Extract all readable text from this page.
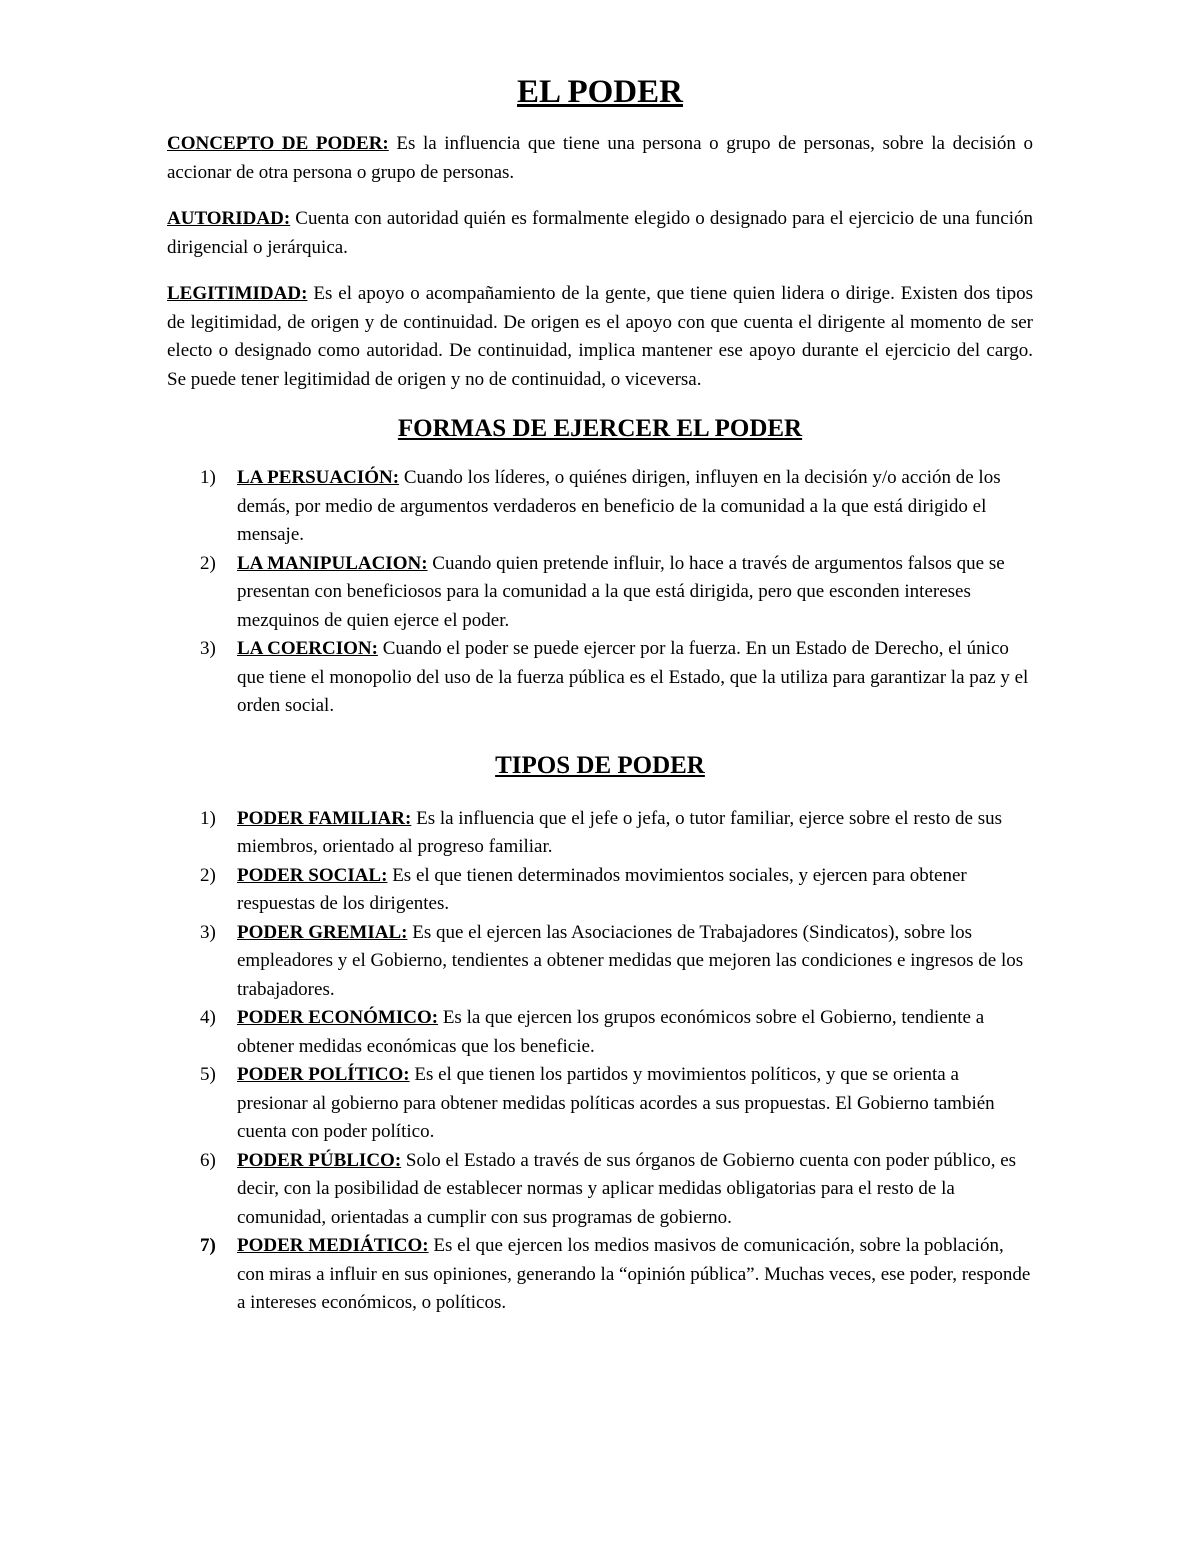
EL PODER

CONCEPTO DE PODER: Es la influencia que tiene una persona o grupo de personas, sobre la decisión o accionar de otra persona o grupo de personas.

AUTORIDAD: Cuenta con autoridad quién es formalmente elegido o designado para el ejercicio de una función dirigencial o jerárquica.

LEGITIMIDAD: Es el apoyo o acompañamiento de la gente, que tiene quien lidera o dirige. Existen dos tipos de legitimidad, de origen y de continuidad. De origen es el apoyo con que cuenta el dirigente al momento de ser electo o designado como autoridad. De continuidad, implica mantener ese apoyo durante el ejercicio del cargo. Se puede tener legitimidad de origen y no de continuidad, o viceversa.

FORMAS DE EJERCER EL PODER
1) LA PERSUACIÓN: Cuando los líderes, o quiénes dirigen, influyen en la decisión y/o acción de los demás, por medio de argumentos verdaderos en beneficio de la comunidad a la que está dirigido el mensaje.
2) LA MANIPULACION: Cuando quien pretende influir, lo hace a través de argumentos falsos que se presentan con beneficiosos para la comunidad a la que está dirigida, pero que esconden intereses mezquinos de quien ejerce el poder.
3) LA COERCION: Cuando el poder se puede ejercer por la fuerza. En un Estado de Derecho, el único que tiene el monopolio del uso de la fuerza pública es el Estado, que la utiliza para garantizar la paz y el orden social.
TIPOS DE PODER
1) PODER FAMILIAR: Es la influencia que el jefe o jefa, o tutor familiar, ejerce sobre el resto de sus miembros, orientado al progreso familiar.
2) PODER SOCIAL: Es el que tienen determinados movimientos sociales, y ejercen para obtener respuestas de los dirigentes.
3) PODER GREMIAL: Es que el ejercen las Asociaciones de Trabajadores (Sindicatos), sobre los empleadores y el Gobierno, tendientes a obtener medidas que mejoren las condiciones e ingresos de los trabajadores.
4) PODER ECONÓMICO: Es la que ejercen los grupos económicos sobre el Gobierno, tendiente a obtener medidas económicas que los beneficie.
5) PODER POLÍTICO: Es el que tienen los partidos y movimientos políticos, y que se orienta a presionar al gobierno para obtener medidas políticas acordes a sus propuestas. El Gobierno también cuenta con poder político.
6) PODER PÚBLICO: Solo el Estado a través de sus órganos de Gobierno cuenta con poder público, es decir, con la posibilidad de establecer normas y aplicar medidas obligatorias para el resto de la comunidad, orientadas a cumplir con sus programas de gobierno.
7) PODER MEDIÁTICO: Es el que ejercen los medios masivos de comunicación, sobre la población, con miras a influir en sus opiniones, generando la “opinión pública”. Muchas veces, ese poder, responde a intereses económicos, o políticos.
